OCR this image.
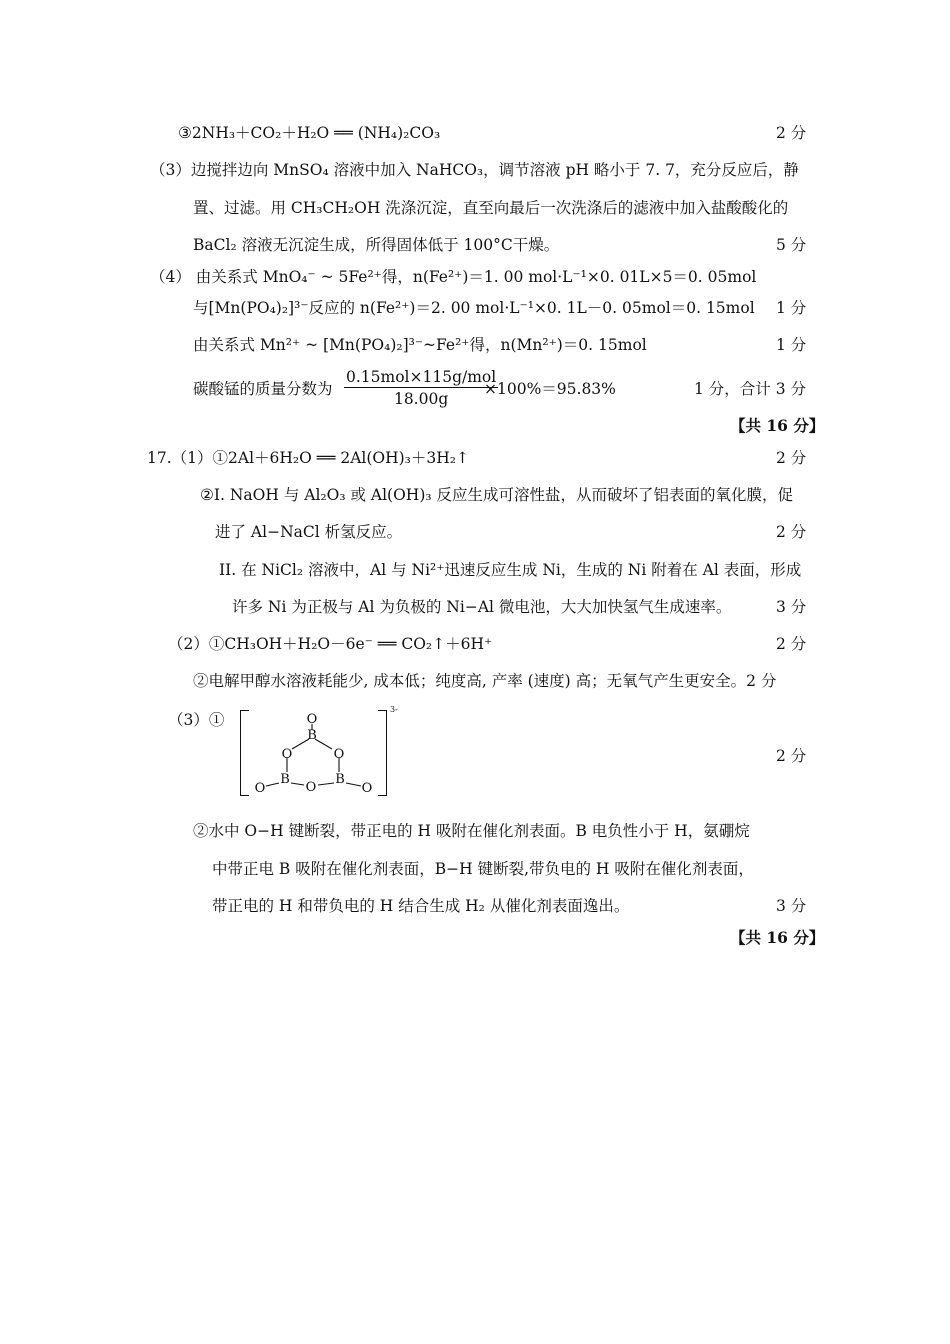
③2NH₃＋CO₂＋H₂O ══ (NH₄)₂CO₃	2 分
（3）边搅拌边向 MnSO₄ 溶液中加入 NaHCO₃，调节溶液 pH 略小于 7. 7，充分反应后，静
置、过滤。用 CH₃CH₂OH 洗涤沉淀，直至向最后一次洗涤后的滤液中加入盐酸酸化的
BaCl₂ 溶液无沉淀生成，所得固体低于 100°C干燥。	5 分
（4） 由关系式 MnO₄⁻ ~ 5Fe²⁺得，n(Fe²⁺)＝1. 00 mol·L⁻¹×0. 01L×5＝0. 05mol
与[Mn(PO₄)₂]³⁻反应的 n(Fe²⁺)＝2. 00 mol·L⁻¹×0. 1L－0. 05mol＝0. 15mol 1 分
由关系式 Mn²⁺ ~ [Mn(PO₄)₂]³⁻~Fe²⁺得，n(Mn²⁺)＝0. 15mol	1 分
碳酸锰的质量分数为
0.15mol×115g/mol
18.00g
×100%＝95.83%	1 分，合计 3 分
【共 16 分】
17.（1）①2Al＋6H₂O ══ 2Al(OH)₃＋3H₂↑	2 分
②I. NaOH 与 Al₂O₃ 或 Al(OH)₃ 反应生成可溶性盐，从而破坏了铝表面的氧化膜，促
进了 Al−NaCl 析氢反应。	2 分
II. 在 NiCl₂ 溶液中，Al 与 Ni²⁺迅速反应生成 Ni，生成的 Ni 附着在 Al 表面，形成
许多 Ni 为正极与 Al 为负极的 Ni−Al 微电池，大大加快氢气生成速率。	3 分
（2）①CH₃OH＋H₂O－6e⁻ ══ CO₂↑＋6H⁺	2 分
②电解甲醇水溶液耗能少, 成本低；纯度高, 产率 (速度) 高；无氧气产生更安全。2 分
（3）①
2 分
O
B
O	O
B	B
O
O	O
3-
②水中 O−H 键断裂，带正电的 H 吸附在催化剂表面。B 电负性小于 H，氨硼烷
中带正电 B 吸附在催化剂表面，B−H 键断裂,带负电的 H 吸附在催化剂表面，
带正电的 H 和带负电的 H 结合生成 H₂ 从催化剂表面逸出。	3 分
【共 16 分】
